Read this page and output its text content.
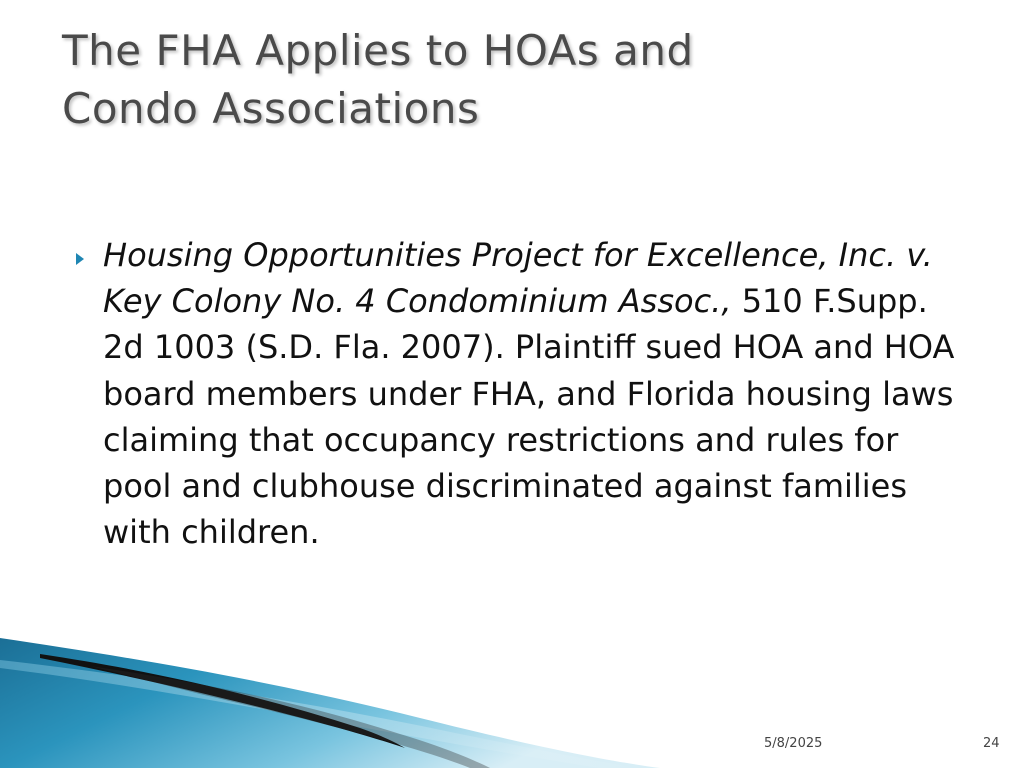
The FHA Applies to HOAs and
Condo Associations

Housing Opportunities Project for Excellence, Inc. v. Key Colony No. 4 Condominium Assoc., 510 F.Supp. 2d 1003 (S.D. Fla. 2007). Plaintiff sued HOA and HOA board members under FHA, and Florida housing laws claiming that occupancy restrictions and rules for pool and clubhouse discriminated against families with children.

5/8/2025	24
